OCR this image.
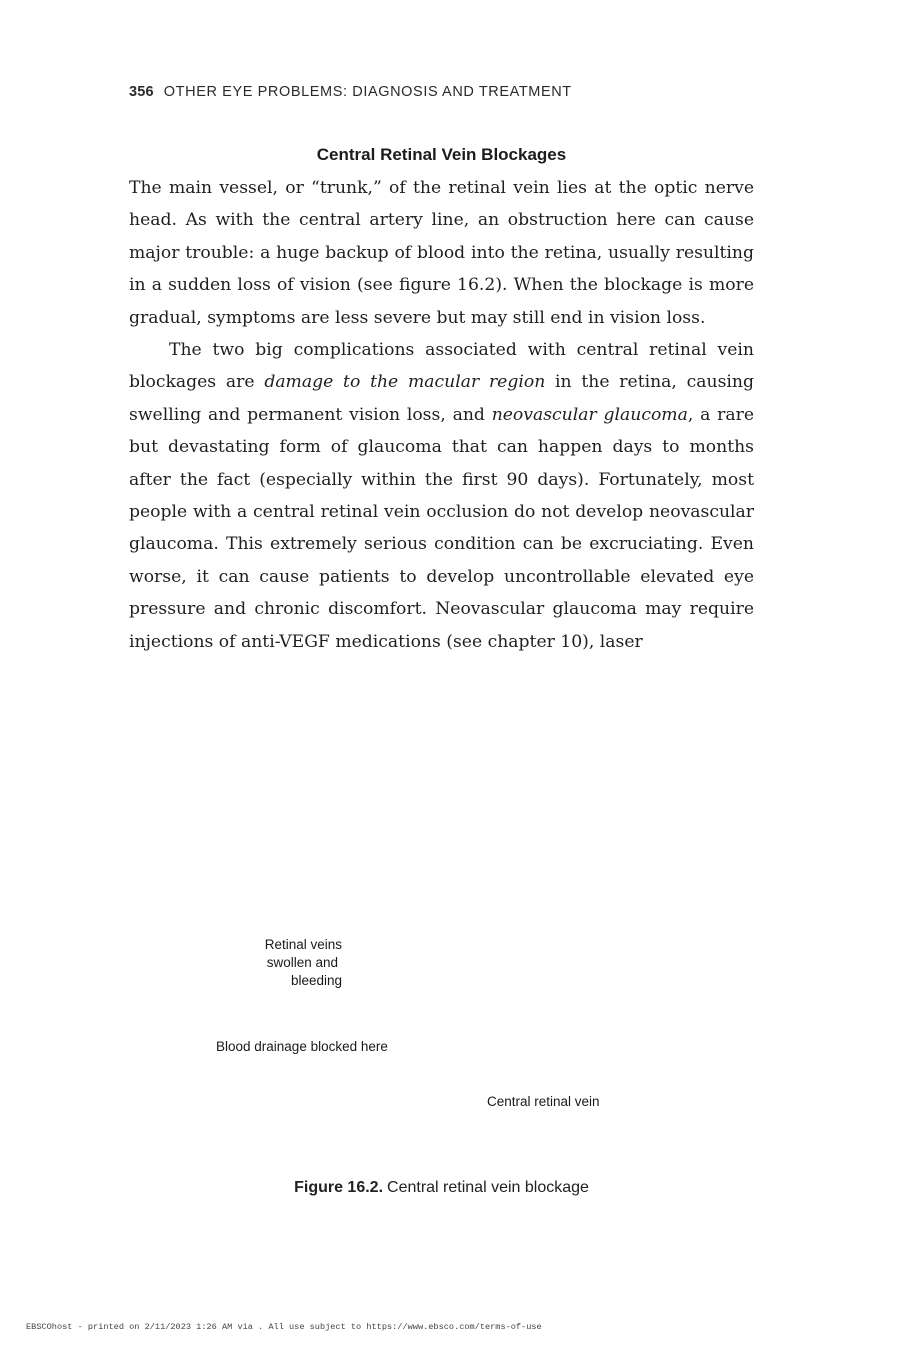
356 OTHER EYE PROBLEMS: DIAGNOSIS AND TREATMENT
Central Retinal Vein Blockages

The main vessel, or “trunk,” of the retinal vein lies at the optic nerve head. As with the central artery line, an obstruction here can cause major trouble: a huge backup of blood into the retina, usually resulting in a sudden loss of vision (see figure 16.2). When the blockage is more gradual, symptoms are less severe but may still end in vision loss.

The two big complications associated with central retinal vein blockages are damage to the macular region in the retina, causing swelling and permanent vision loss, and neovascular glaucoma, a rare but devastating form of glaucoma that can happen days to months after the fact (especially within the first 90 days). Fortunately, most people with a central retinal vein occlusion do not develop neovascular glaucoma. This extremely serious condition can be excruciating. Even worse, it can cause patients to develop uncontrollable elevated eye pressure and chronic discomfort. Neovascular glaucoma may require injections of anti-VEGF medications (see chapter 10), laser

Retinal veins
swollen and
bleeding
Blood drainage blocked here
Central retinal vein
Figure 16.2. Central retinal vein blockage
EBSCOhost - printed on 2/11/2023 1:26 AM via . All use subject to https://www.ebsco.com/terms-of-use
